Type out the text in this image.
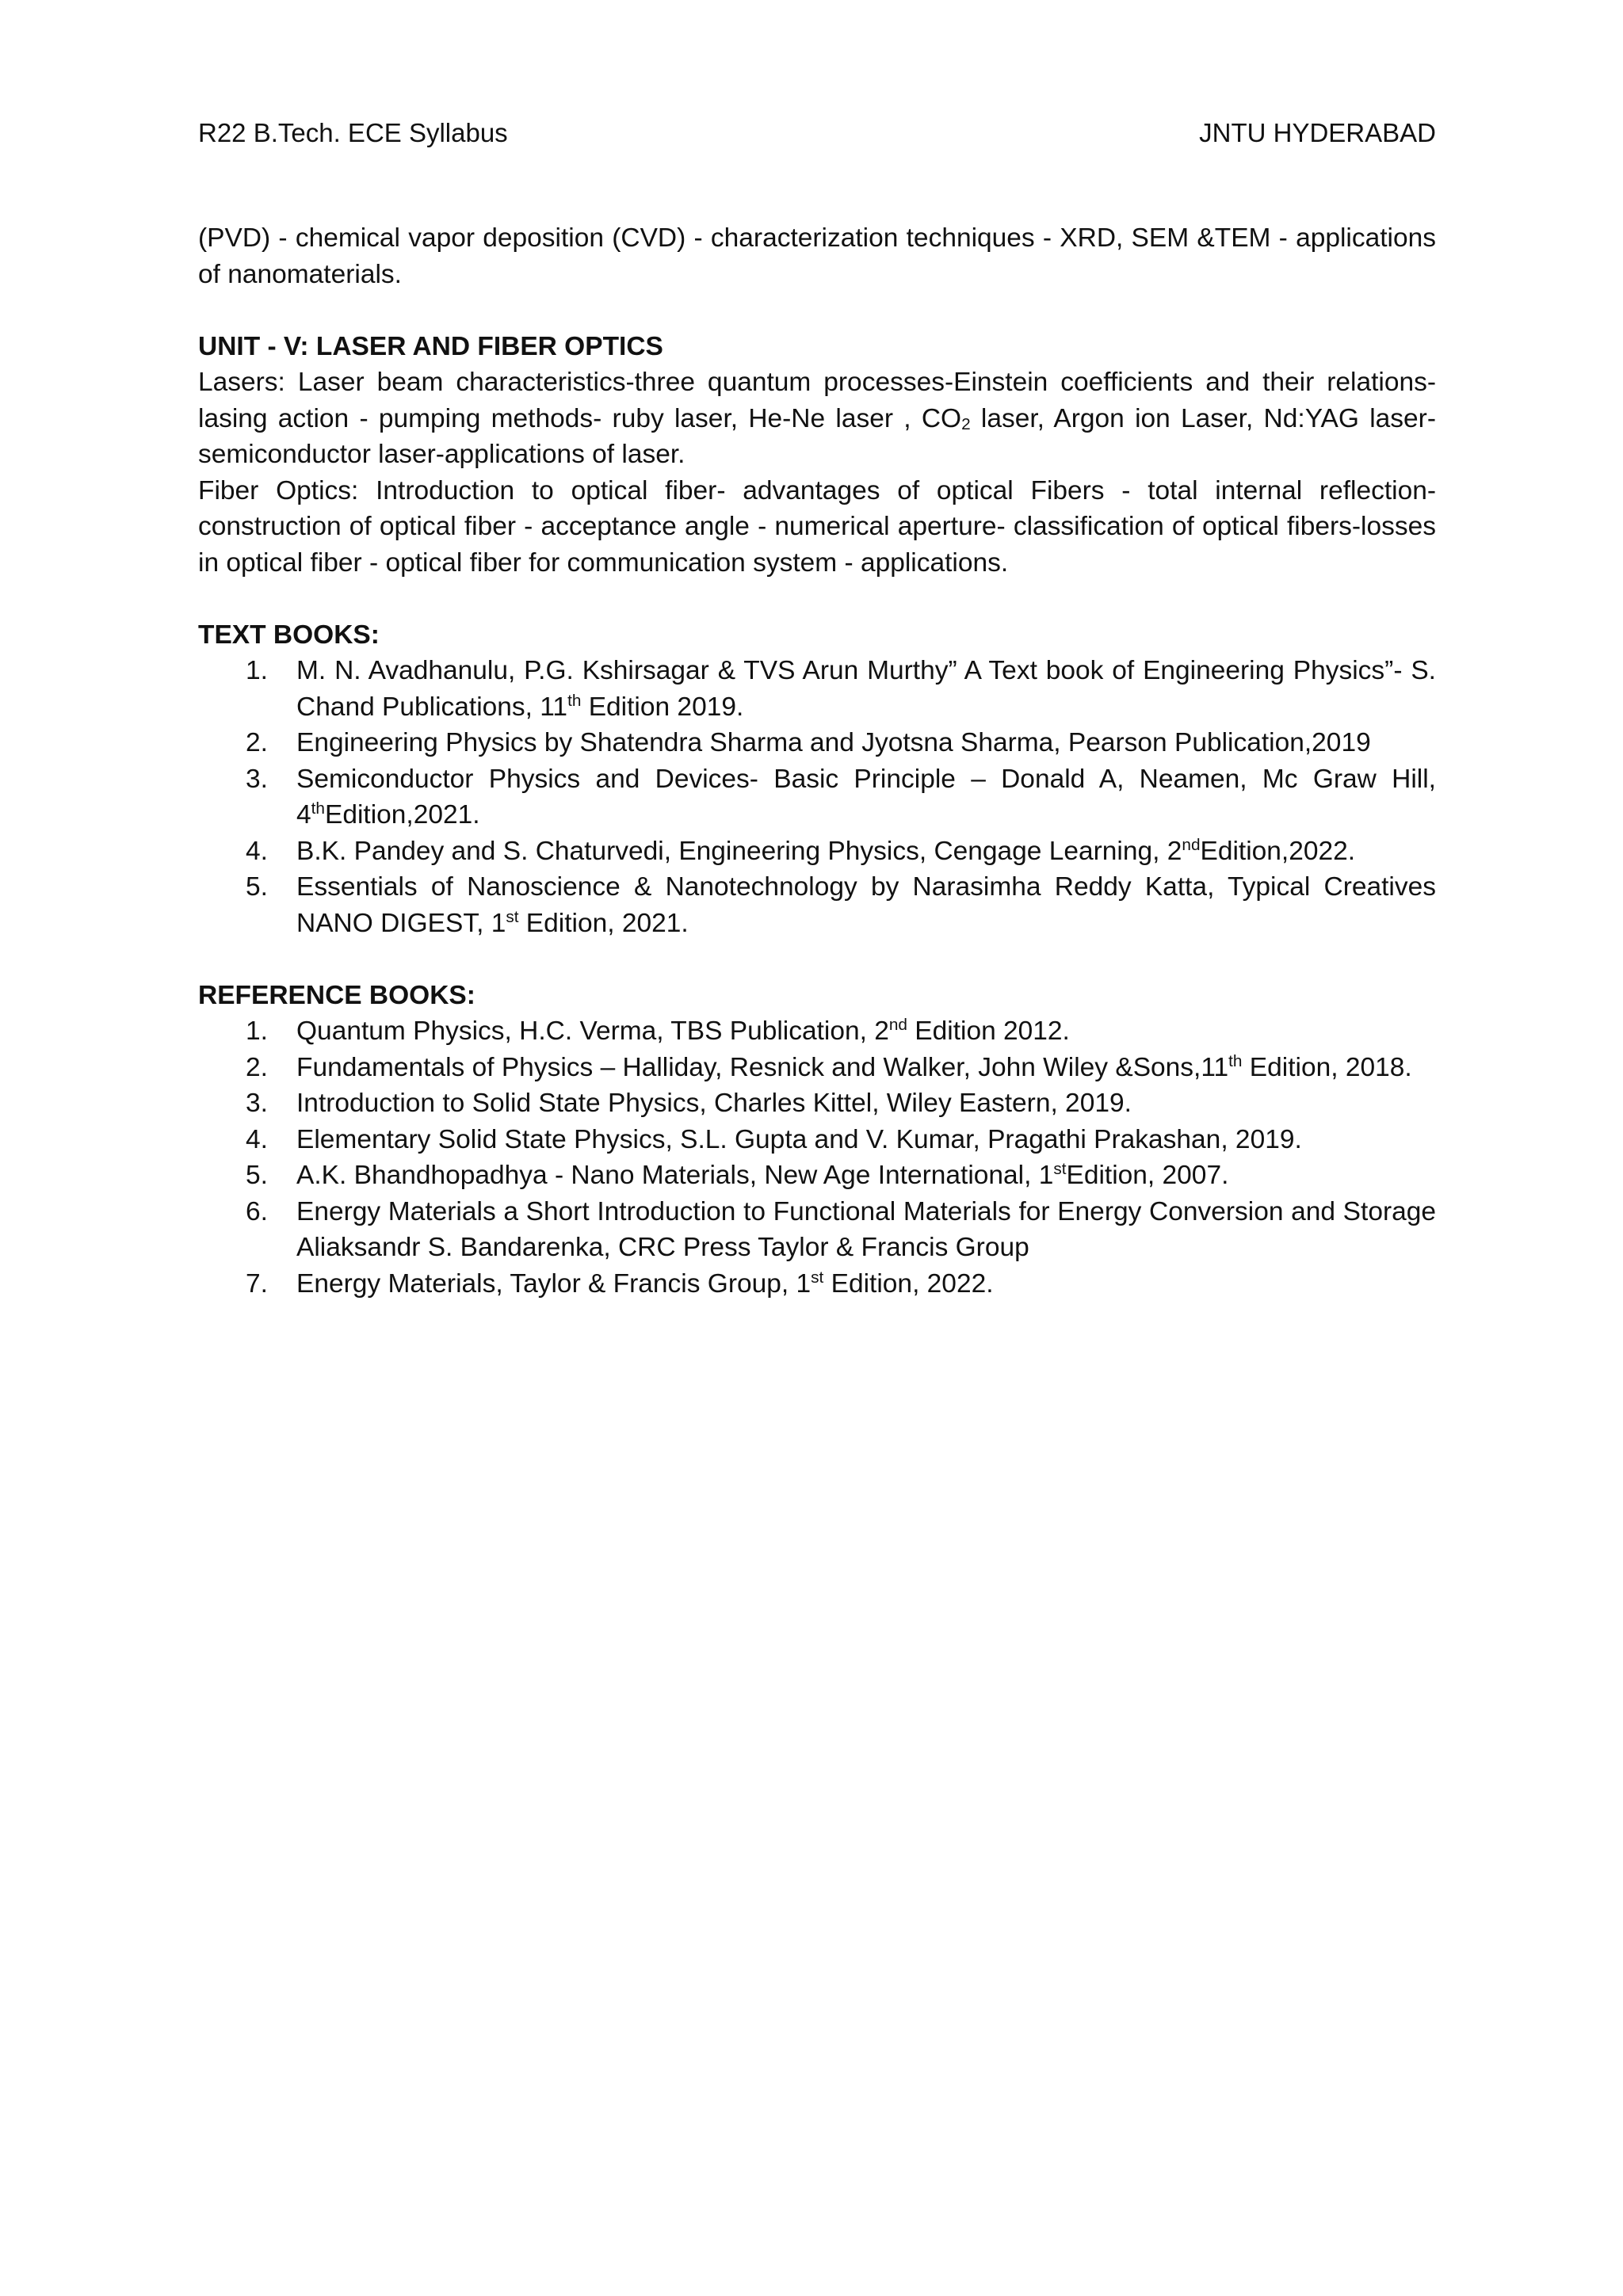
R22 B.Tech. ECE Syllabus	JNTU HYDERABAD

(PVD) - chemical vapor deposition (CVD) - characterization techniques - XRD, SEM &TEM - applications of nanomaterials.

UNIT - V: LASER AND FIBER OPTICS

Lasers: Laser beam characteristics-three quantum processes-Einstein coefficients and their relations- lasing action - pumping methods- ruby laser, He-Ne laser , $CO_2$ laser, Argon ion Laser, Nd:YAG laser- semiconductor laser-applications of laser.

Fiber Optics: Introduction to optical fiber- advantages of optical Fibers - total internal reflection-construction of optical fiber - acceptance angle - numerical aperture- classification of optical fibers-losses in optical fiber - optical fiber for communication system - applications.

TEXT BOOKS:

1. M. N. Avadhanulu, P.G. Kshirsagar & TVS Arun Murthy” A Text book of Engineering Physics”- S. Chand Publications, 11th Edition 2019.
2. Engineering Physics by Shatendra Sharma and Jyotsna Sharma, Pearson Publication,2019
3. Semiconductor Physics and Devices- Basic Principle – Donald A, Neamen, Mc Graw Hill, 4thEdition,2021.
4. B.K. Pandey and S. Chaturvedi, Engineering Physics, Cengage Learning, 2ndEdition,2022.
5. Essentials of Nanoscience & Nanotechnology by Narasimha Reddy Katta, Typical Creatives NANO DIGEST, 1st Edition, 2021.

REFERENCE BOOKS:

1. Quantum Physics, H.C. Verma, TBS Publication, 2nd Edition 2012.
2. Fundamentals of Physics – Halliday, Resnick and Walker, John Wiley &Sons,11th Edition, 2018.
3. Introduction to Solid State Physics, Charles Kittel, Wiley Eastern, 2019.
4. Elementary Solid State Physics, S.L. Gupta and V. Kumar, Pragathi Prakashan, 2019.
5. A.K. Bhandhopadhya - Nano Materials, New Age International, 1stEdition, 2007.
6. Energy Materials a Short Introduction to Functional Materials for Energy Conversion and Storage Aliaksandr S. Bandarenka, CRC Press Taylor & Francis Group
7. Energy Materials, Taylor & Francis Group, 1st Edition, 2022.
